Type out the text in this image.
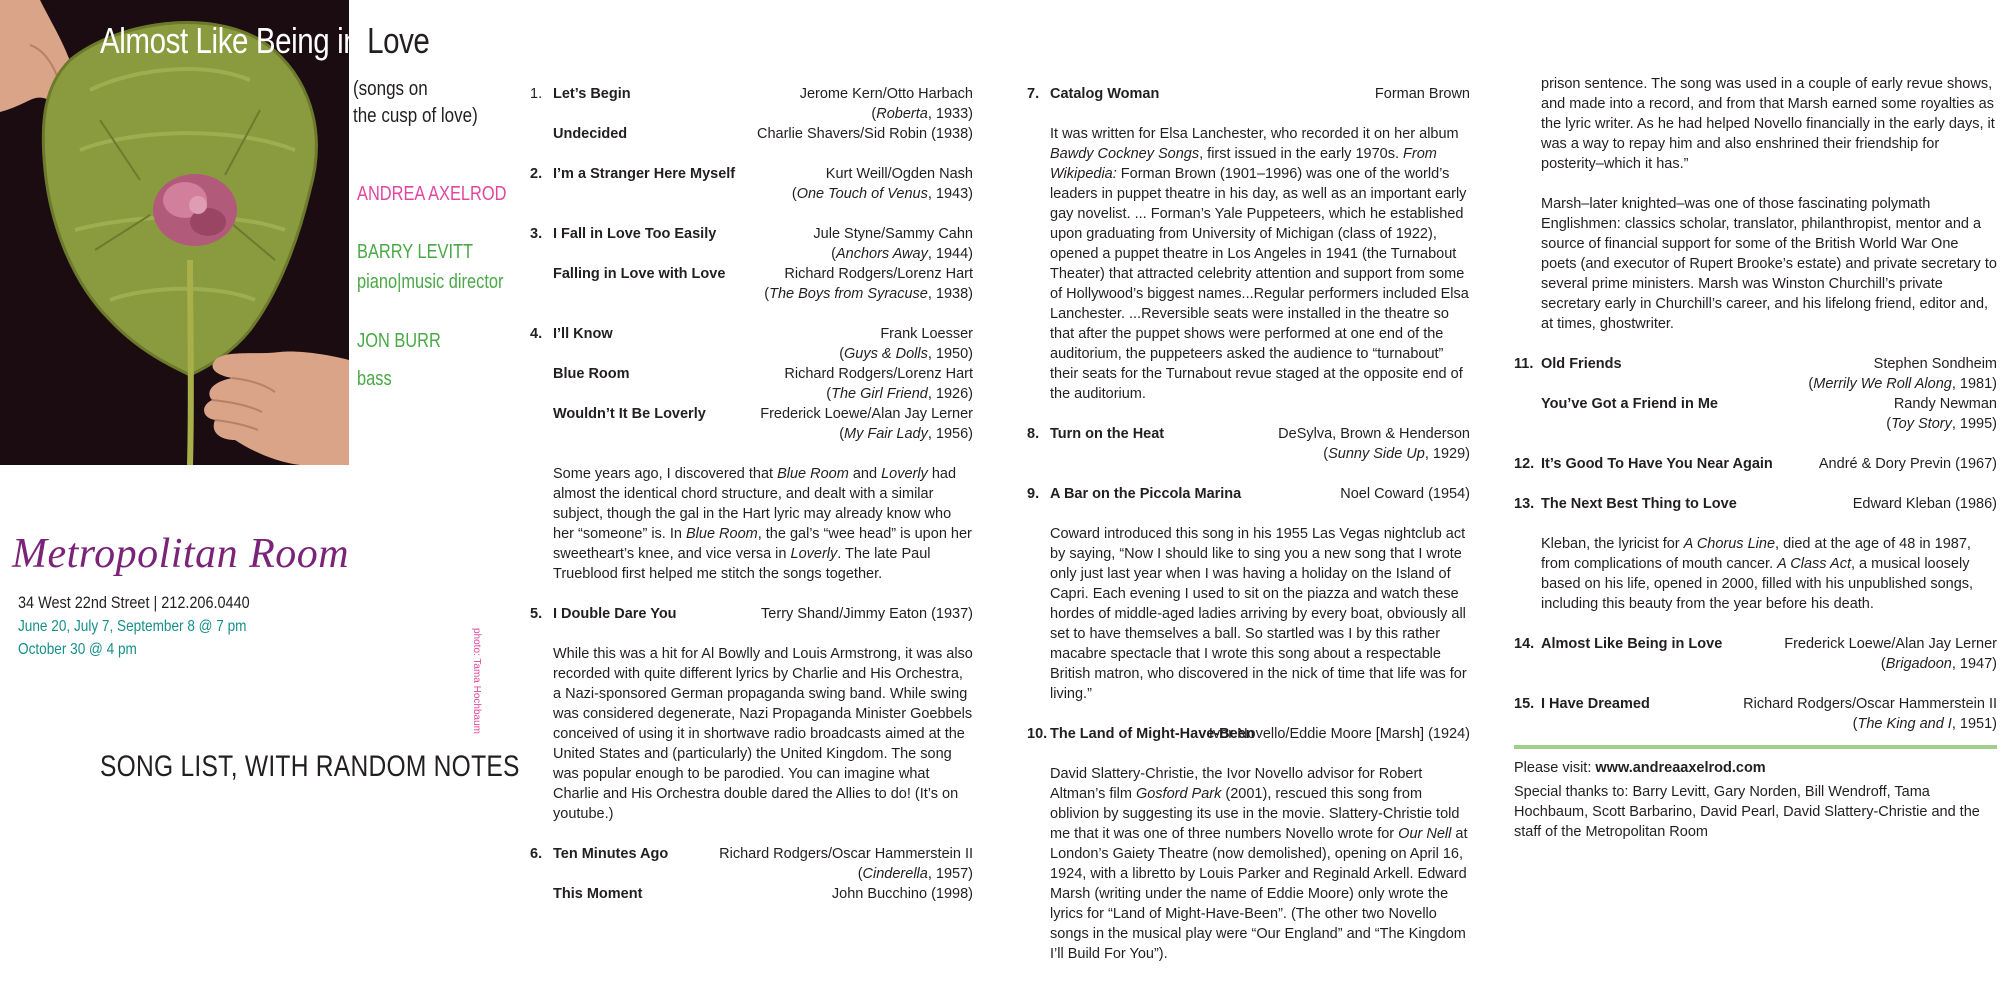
Almost Like Being in Love
(songs on
the cusp of love)
ANDREA AXELROD
BARRY LEVITT
piano|music director
JON BURR
bass
Metropolitan Room
34 West 22nd Street | 212.206.0440
June 20, July 7, September 8 @ 7 pm
October 30 @ 4 pm	photo: Tama Hochbaum
SONG LIST, WITH RANDOM NOTES
1. Let’s Begin	Jerome Kern/Otto Harbach
(Roberta, 1933)
Undecided	Charlie Shavers/Sid Robin (1938)
2. I’m a Stranger Here Myself	Kurt Weill/Ogden Nash
(One Touch of Venus, 1943)
3. I Fall in Love Too Easily	Jule Styne/Sammy Cahn
(Anchors Away, 1944)
Falling in Love with Love	Richard Rodgers/Lorenz Hart
(The Boys from Syracuse, 1938)
4. I’ll Know	Frank Loesser
(Guys & Dolls, 1950)
Blue Room	Richard Rodgers/Lorenz Hart
(The Girl Friend, 1926)
Wouldn’t It Be Loverly	Frederick Loewe/Alan Jay Lerner
(My Fair Lady, 1956)
Some years ago, I discovered that Blue Room and Loverly had almost the identical chord structure, and dealt with a similar subject, though the gal in the Hart lyric may already know who her “someone” is. In Blue Room, the gal’s “wee head” is upon her sweetheart’s knee, and vice versa in Loverly. The late Paul Trueblood first helped me stitch the songs together.
5. I Double Dare You	Terry Shand/Jimmy Eaton (1937)
While this was a hit for Al Bowlly and Louis Armstrong, it was also recorded with quite different lyrics by Charlie and His Orchestra, a Nazi-sponsored German propaganda swing band. While swing was considered degenerate, Nazi Propaganda Minister Goebbels conceived of using it in shortwave radio broadcasts aimed at the United States and (particularly) the United Kingdom. The song was popular enough to be parodied. You can imagine what Charlie and His Orchestra double dared the Allies to do! (It’s on youtube.)
6. Ten Minutes Ago	Richard Rodgers/Oscar Hammerstein II
(Cinderella, 1957)
This Moment	John Bucchino (1998)
7. Catalog Woman	Forman Brown
It was written for Elsa Lanchester, who recorded it on her album Bawdy Cockney Songs, first issued in the early 1970s. From Wikipedia: Forman Brown (1901–1996) was one of the world’s leaders in puppet theatre in his day, as well as an important early gay novelist. ... Forman’s Yale Puppeteers, which he established upon graduating from University of Michigan (class of 1922), opened a puppet theatre in Los Angeles in 1941 (the Turnabout Theater) that attracted celebrity attention and support from some of Hollywood’s biggest names...Regular performers included Elsa Lanchester. ...Reversible seats were installed in the theatre so that after the puppet shows were performed at one end of the auditorium, the puppeteers asked the audience to “turnabout” their seats for the Turnabout revue staged at the opposite end of the auditorium.
8. Turn on the Heat	DeSylva, Brown & Henderson
(Sunny Side Up, 1929)
9. A Bar on the Piccola Marina	Noel Coward (1954)
Coward introduced this song in his 1955 Las Vegas nightclub act by saying, “Now I should like to sing you a new song that I wrote only just last year when I was having a holiday on the Island of Capri. Each evening I used to sit on the piazza and watch these hordes of middle-aged ladies arriving by every boat, obviously all set to have themselves a ball. So startled was I by this rather macabre spectacle that I wrote this song about a respectable British matron, who discovered in the nick of time that life was for living.”
10. The Land of Might-Have-Been
Ivor Novello/Eddie Moore [Marsh] (1924)
David Slattery-Christie, the Ivor Novello advisor for Robert Altman’s film Gosford Park (2001), rescued this song from oblivion by suggesting its use in the movie. Slattery-Christie told me that it was one of three numbers Novello wrote for Our Nell at London’s Gaiety Theatre (now demolished), opening on April 16, 1924, with a libretto by Louis Parker and Reginald Arkell. Edward Marsh (writing under the name of Eddie Moore) only wrote the lyrics for “Land of Might-Have-Been”. (The other two Novello songs in the musical play were “Our England” and “The Kingdom I’ll Build For You”).
prison sentence. The song was used in a couple of early revue shows, and made into a record, and from that Marsh earned some royalties as the lyric writer. As he had helped Novello financially in the early days, it was a way to repay him and also enshrined their friendship for posterity–which it has.”
Marsh–later knighted–was one of those fascinating polymath Englishmen: classics scholar, translator, philanthropist, mentor and a source of financial support for some of the British World War One poets (and executor of Rupert Brooke’s estate) and private secretary to several prime ministers. Marsh was Winston Churchill’s private secretary early in Churchill’s career, and his lifelong friend, editor and, at times, ghostwriter.
11. Old Friends	Stephen Sondheim
(Merrily We Roll Along, 1981)
You’ve Got a Friend in Me	Randy Newman
(Toy Story, 1995)
12. It’s Good To Have You Near Again	André & Dory Previn (1967)
13. The Next Best Thing to Love	Edward Kleban (1986)
Kleban, the lyricist for A Chorus Line, died at the age of 48 in 1987, from complications of mouth cancer. A Class Act, a musical loosely based on his life, opened in 2000, filled with his unpublished songs, including this beauty from the year before his death.
14. Almost Like Being in Love	Frederick Loewe/Alan Jay Lerner
(Brigadoon, 1947)
15. I Have Dreamed	Richard Rodgers/Oscar Hammerstein II
(The King and I, 1951)
Please visit: www.andreaaxelrod.com
Special thanks to: Barry Levitt, Gary Norden, Bill Wendroff, Tama Hochbaum, Scott Barbarino, David Pearl, David Slattery-Christie and the staff of the Metropolitan Room
